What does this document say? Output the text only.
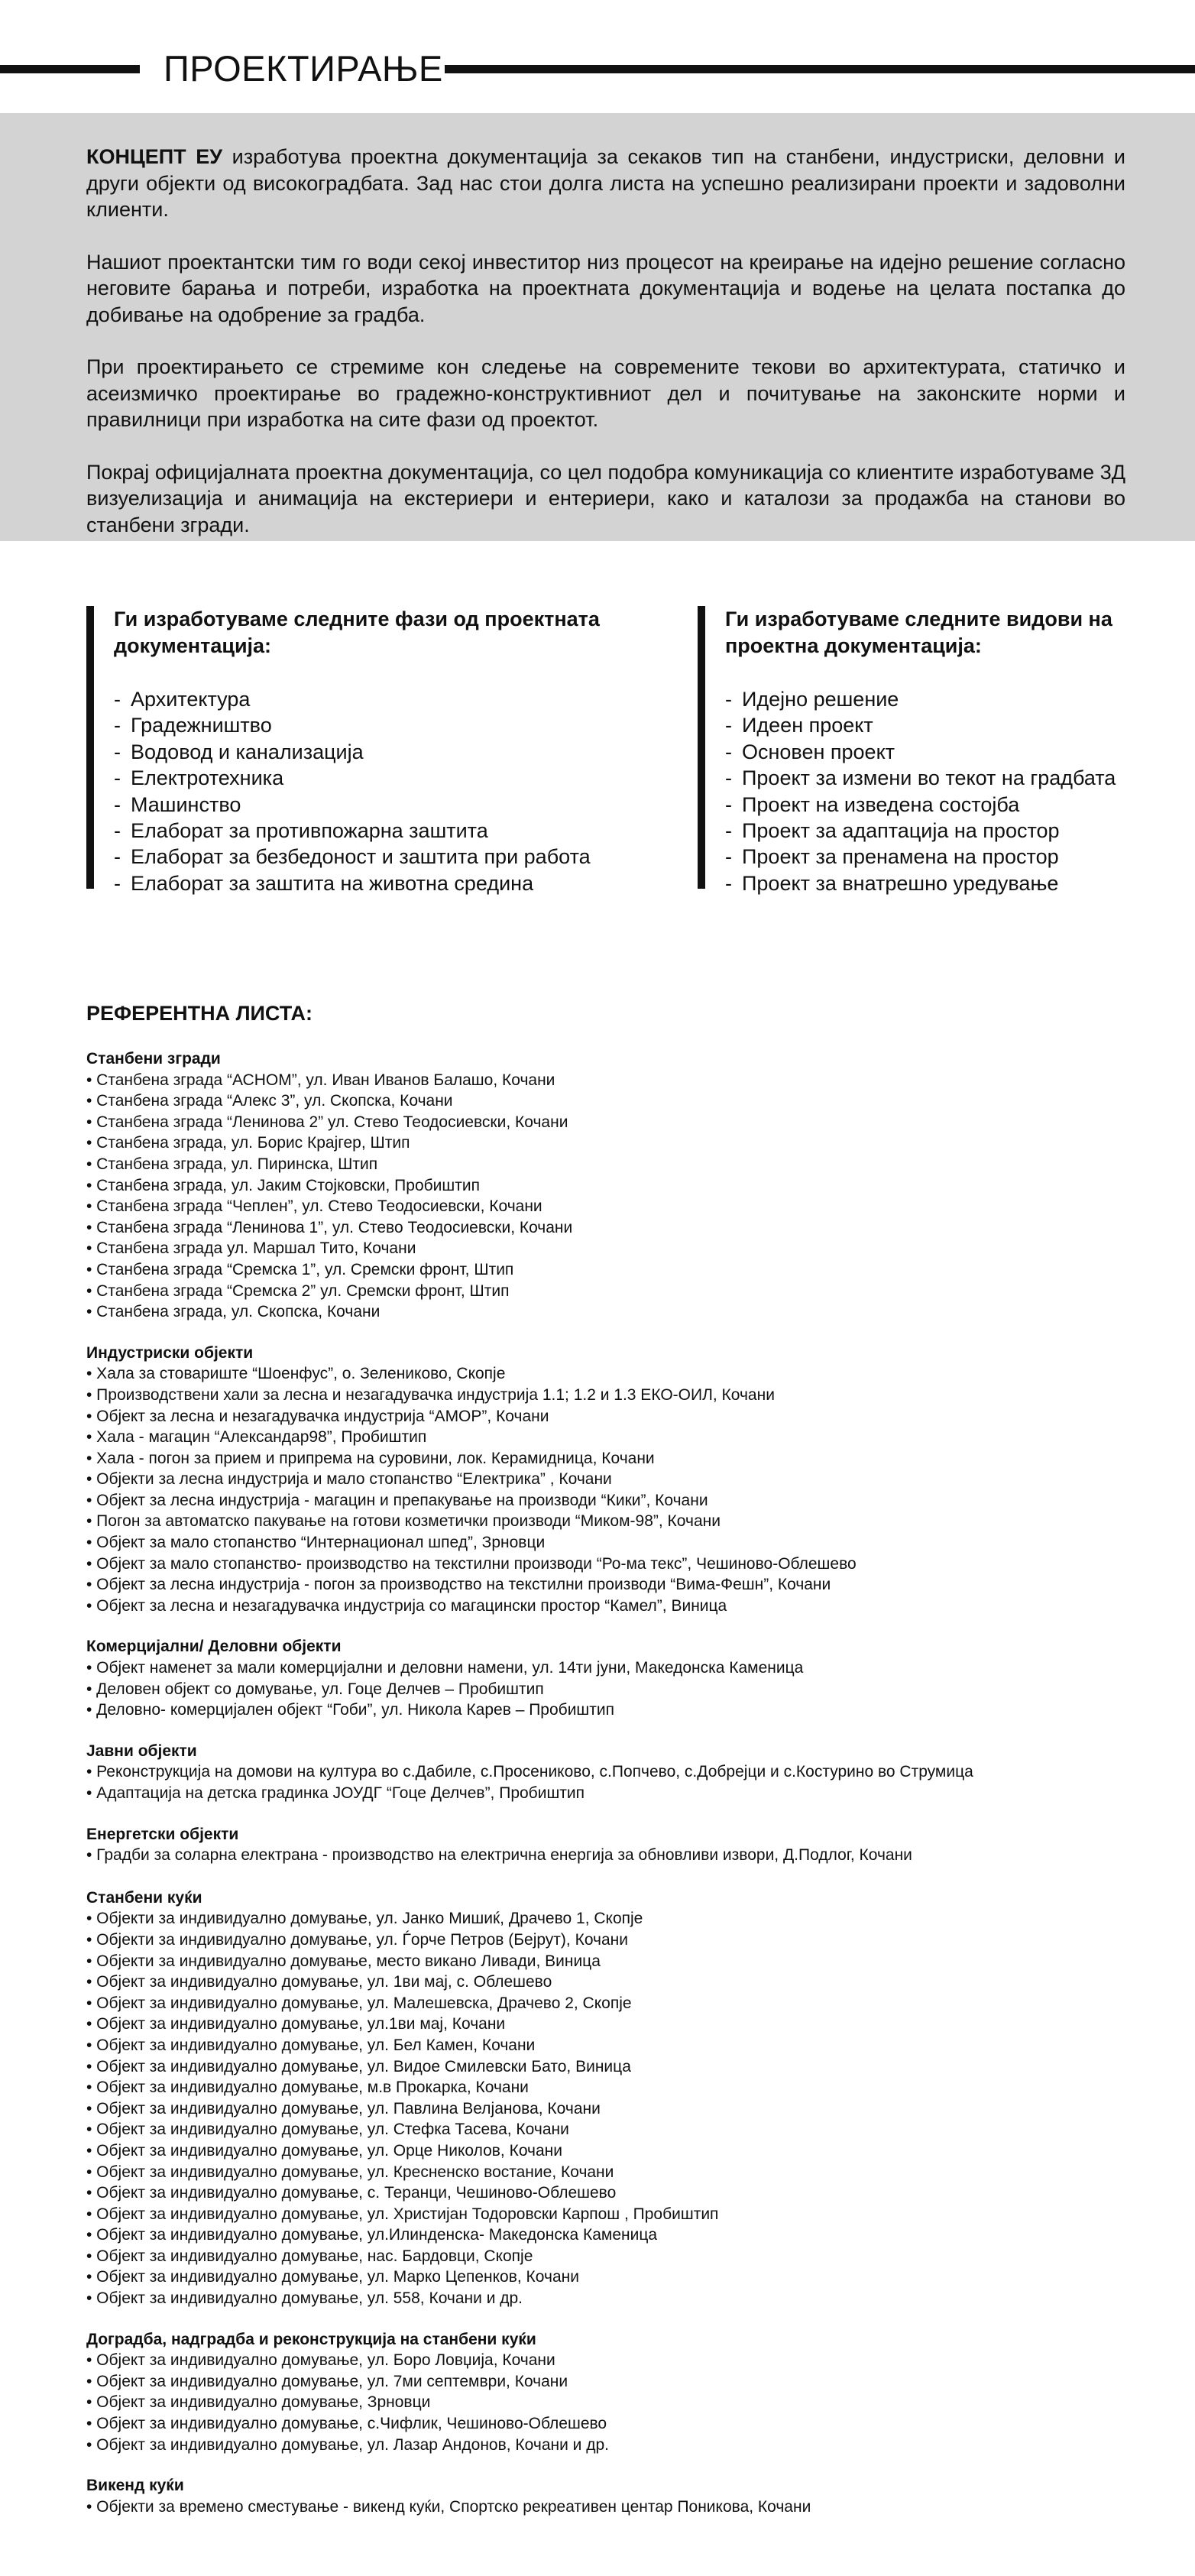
ПРОЕКТИРАЊЕ

КОНЦЕПТ ЕУ изработува проектна документација за секаков тип на станбени, индустриски, деловни и други објекти од високоградбата. Зад нас стои долга листа на успешно реализирани проекти и задоволни клиенти.

Нашиот проектантски тим го води секој инвеститор низ процесот на креирање на идејно решение согласно неговите барања и потреби, изработка на проектната документација и водење на целата постапка до добивање на одобрение за градба.

При проектирањето се стремиме кон следење на современите текови во архитектурата, статичко и асеизмичко проектирање во градежно-конструктивниот дел и почитување на законските норми и правилници при изработка на сите фази од проектот.

Покрај официјалната проектна документација, со цел подобра комуникација со клиентите изработуваме 3Д визуелизација и анимација на екстериери и ентериери, како и каталози за продажба на станови во станбени згради.

Ги изработуваме следните фази од проектната документација:
- Архитектура
- Градежништво
- Водовод и канализација
- Електротехника
- Машинство
- Елаборат за противпожарна заштита
- Елаборат за безбедоност и заштита при работа
- Елаборат за заштита на животна средина
Ги изработуваме следните видови на проектна документација:
- Идејно решение
- Идеен проект
- Основен проект
- Проект за измени во текот на градбата
- Проект на изведена состојба
- Проект за адаптација на простор
- Проект за пренамена на простор
- Проект за внатрешно уредување
РЕФЕРЕНТНА ЛИСТА:
Станбени згради
• Станбена зграда “АСНОМ”, ул. Иван Иванов Балашо, Кочани
• Станбена зграда “Алекс 3”, ул. Скопска, Кочани
• Станбена зграда “Ленинова 2” ул. Стево Теодосиевски, Кочани
• Станбена зграда, ул. Борис Крајгер, Штип
• Станбена зграда, ул. Пиринска, Штип
• Станбена зграда, ул. Јаким Стојковски, Пробиштип
• Станбена зграда “Чеплен”, ул. Стево Теодосиевски, Кочани
• Станбена зграда “Ленинова 1”, ул. Стево Теодосиевски, Кочани
• Станбена зграда ул. Маршал Тито, Кочани
• Станбена зграда “Сремска 1”, ул. Сремски фронт, Штип
• Станбена зграда “Сремска 2” ул. Сремски фронт, Штип
• Станбена зграда, ул. Скопска, Кочани
Индустриски објекти
• Хала за стовариште “Шоенфус”, о. Зелениково, Скопје
• Производствени хали за лесна и незагадувачка индустрија 1.1; 1.2 и 1.3 ЕКО-ОИЛ, Кочани
• Објект за лесна и незагадувачка индустрија “АМОР”, Кочани
• Хала - магацин “Александар98”, Пробиштип
• Хала - погон за прием и припрема на суровини, лок. Керамидница, Кочани
• Објекти за лесна индустрија и мало стопанство “Електрика” , Кочани
• Објект за лесна индустрија - магацин и препакување на производи “Кики”, Кочани
• Погон за автоматско пакување на готови козметички производи “Миком-98”, Кочани
• Објект за мало стопанство “Интернационал шпед”, Зрновци
• Објект за мало стопанство- производство на текстилни производи “Ро-ма текс”, Чешиново-Облешево
• Објект за лесна индустрија - погон за производство на текстилни производи “Вима-Фешн”, Кочани
• Објект за лесна и незагадувачка индустрија со магацински простор “Камел”, Виница
Комерцијални/ Деловни објекти
• Објект наменет за мали комерцијални и деловни намени, ул. 14ти јуни, Македонска Каменица
• Деловен објект со домување, ул. Гоце Делчев – Пробиштип
• Деловно- комерцијален објект “Гоби”, ул. Никола Карев – Пробиштип
Јавни објекти
• Реконструкција на домови на култура во с.Дабиле, с.Просениково, с.Попчево, с.Добрејци и с.Костурино во Струмица
• Адаптација на детска градинка ЈОУДГ “Гоце Делчев”, Пробиштип
Енергетски објекти
• Градби за соларна електрана - производство на електрична енергија за обновливи извори, Д.Подлог, Кочани
Станбени куќи
• Објекти за индивидуално домување, ул. Јанко Мишиќ, Драчево 1, Скопје
• Објекти за индивидуално домување, ул. Ѓорче Петров (Бејрут), Кочани
• Објекти за индивидуално домување, место викано Ливади, Виница
• Објект за индивидуално домување, ул. 1ви мај, с. Облешево
• Објект за индивидуално домување, ул. Малешевска, Драчево 2, Скопје
• Објект за индивидуално домување, ул.1ви мај, Кочани
• Објект за индивидуално домување, ул. Бел Камен, Кочани
• Објект за индивидуално домување, ул. Видое Смилевски Бато, Виница
• Објект за индивидуално домување, м.в Прокарка, Кочани
• Објект за индивидуално домување, ул. Павлина Велјанова, Кочани
• Објект за индивидуално домување, ул. Стефка Тасева, Кочани
• Објект за индивидуално домување, ул. Орце Николов, Кочани
• Објект за индивидуално домување, ул. Кресненско востание, Кочани
• Објект за индивидуално домување, с. Теранци, Чешиново-Облешево
• Објект за индивидуално домување, ул. Христијан Тодоровски Карпош , Пробиштип
• Објект за индивидуално домување, ул.Илинденска- Македонска Каменица
• Објект за индивидуално домување, нас. Бардовци, Скопје
• Објект за индивидуално домување, ул. Марко Цепенков, Кочани
• Објект за индивидуално домување, ул. 558, Кочани и др.
Доградба, надградба и реконструкција на станбени куќи
• Објект за индивидуално домување, ул. Боро Ловџија, Кочани
• Објект за индивидуално домување, ул. 7ми септември, Кочани
• Објект за индивидуално домување, Зрновци
• Објект за индивидуално домување, с.Чифлик, Чешиново-Облешево
• Објект за индивидуално домување, ул. Лазар Андонов, Кочани и др.
Викенд куќи
• Објекти за времено сместување - викенд куќи, Спортско рекреативен центар Поникова, Кочани
